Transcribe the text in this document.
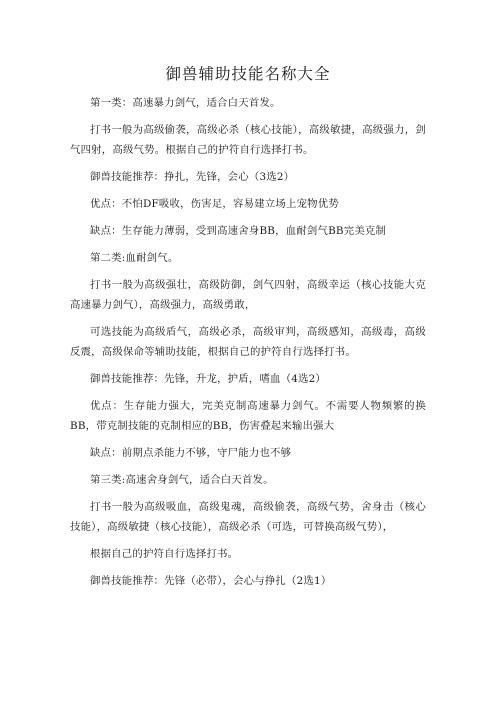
御兽辅助技能名称大全

第一类：高速暴力剑气，适合白天首发。

打书一般为高级偷袭，高级必杀（核心技能），高级敏捷，高级强力，剑气四射，高级气势。根据自己的护符自行选择打书。

御兽技能推荐：挣扎，先锋，会心（3选2）

优点：不怕DF吸收，伤害足，容易建立场上宠物优势

缺点：生存能力薄弱，受到高速舍身BB，血耐剑气BB完美克制

第二类:血耐剑气。

打书一般为高级强壮，高级防御，剑气四射，高级幸运（核心技能大克高速暴力剑气），高级强力，高级勇敢，

可选技能为高级盾气，高级必杀，高级审判，高级感知，高级毒，高级反震，高级保命等辅助技能，根据自己的护符自行选择打书。

御兽技能推荐：先锋，升龙，护盾，嗜血（4选2）

优点：生存能力强大，完美克制高速暴力剑气。不需要人物频繁的换BB，带克制技能的克制相应的BB，伤害叠起来输出强大

缺点：前期点杀能力不够，守尸能力也不够

第三类:高速舍身剑气，适合白天首发。

打书一般为高级吸血，高级鬼魂，高级偷袭，高级气势，舍身击（核心技能），高级敏捷（核心技能），高级必杀（可选，可替换高级气势），

根据自己的护符自行选择打书。

御兽技能推荐：先锋（必带），会心与挣扎（2选1）
